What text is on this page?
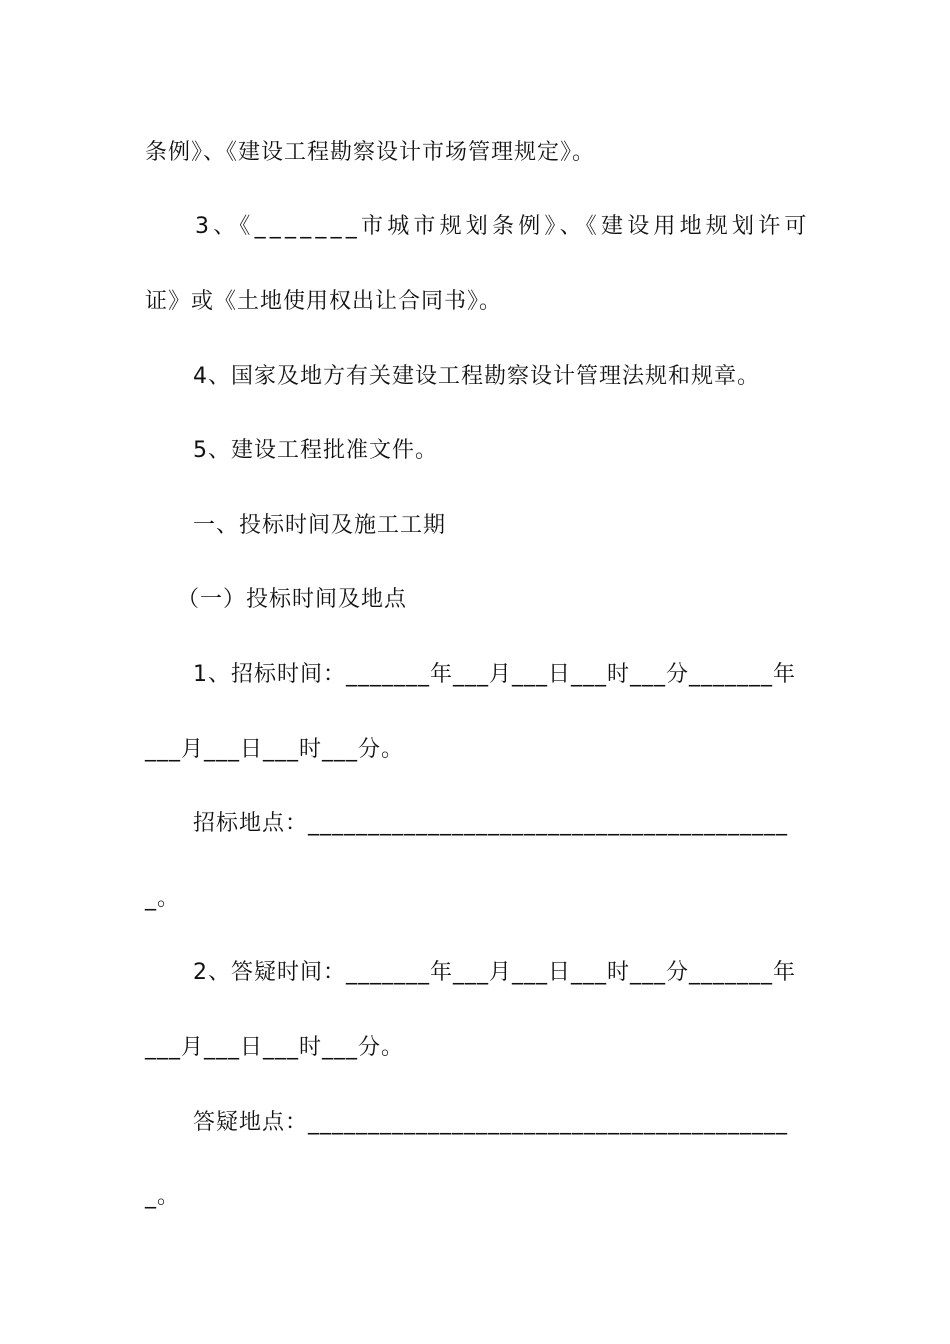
条例》、《建设工程勘察设计市场管理规定》。
3、《_______市城市规划条例》、《建设用地规划许可
证》或《土地使用权出让合同书》。
4、国家及地方有关建设工程勘察设计管理法规和规章。
5、建设工程批准文件。
一、投标时间及施工工期
（一）投标时间及地点
1、招标时间：_______年___月___日___时___分_______年
___月___日___时___分。
招标地点：________________________________________
_。
2、答疑时间：_______年___月___日___时___分_______年
___月___日___时___分。
答疑地点：________________________________________
_。
